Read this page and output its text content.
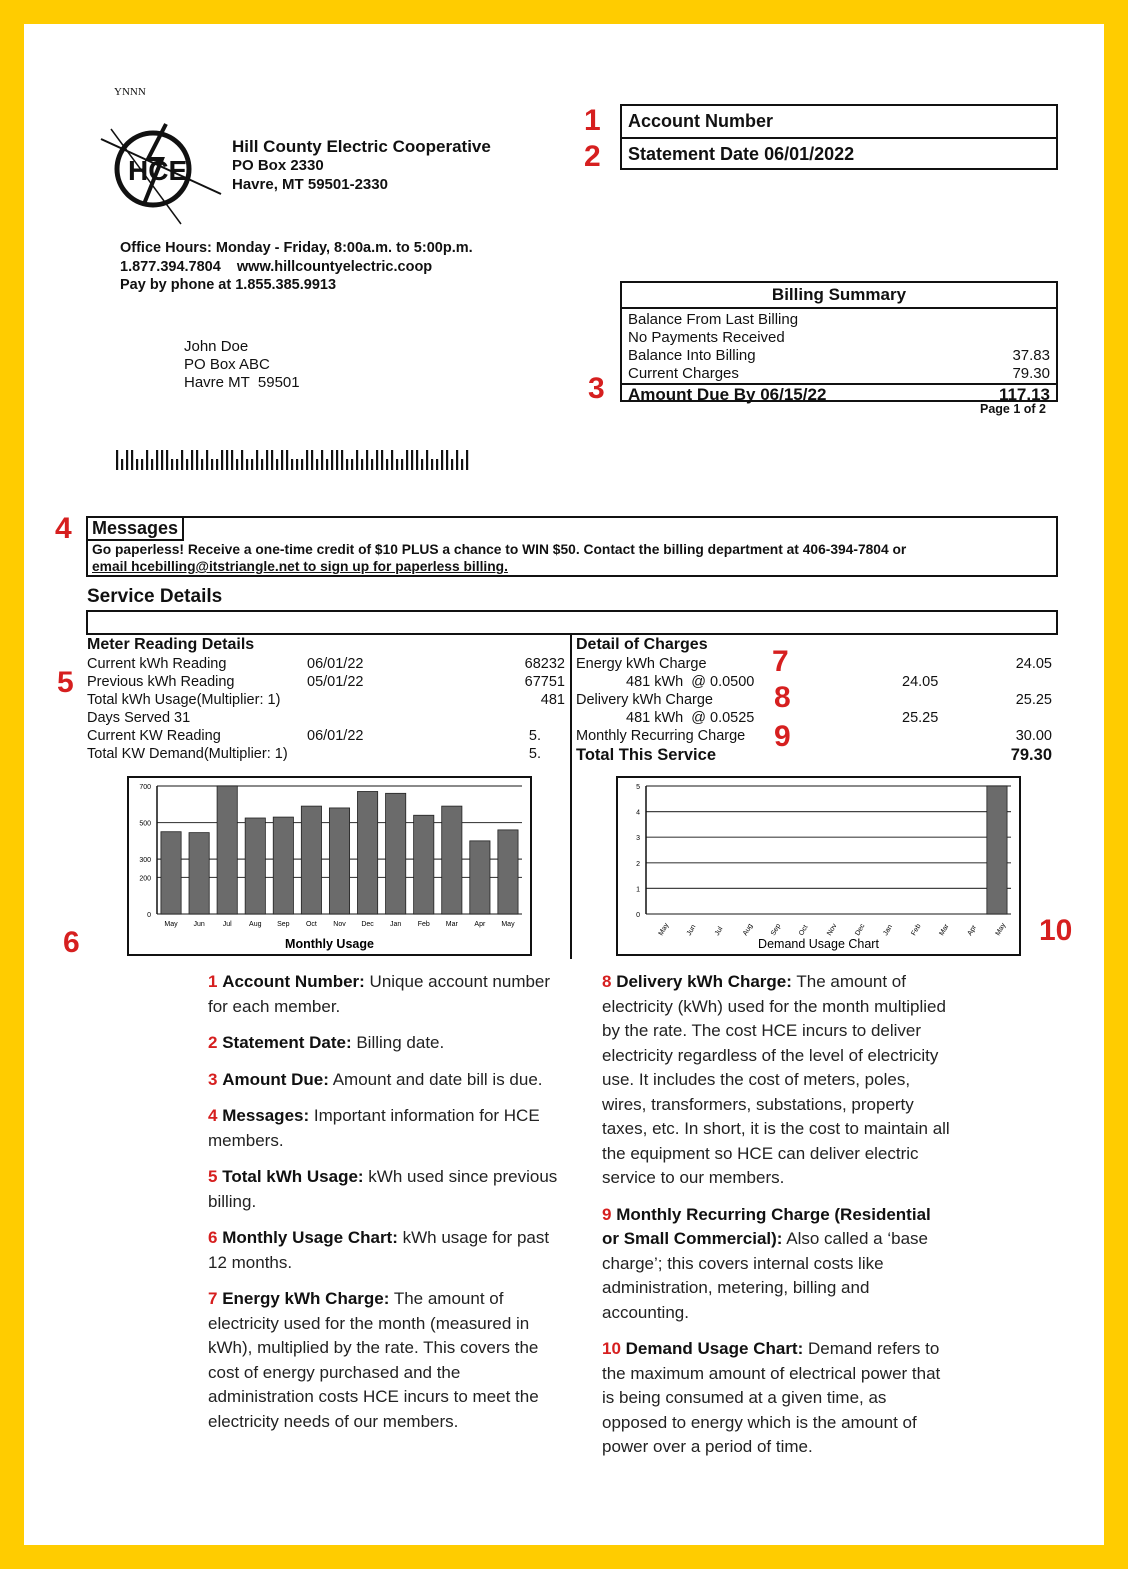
YNNN
HCE
Hill County Electric Cooperative
PO Box 2330
Havre, MT 59501-2330
Office Hours: Monday - Friday, 8:00a.m. to 5:00p.m.
1.877.394.7804    www.hillcountyelectric.coop
Pay by phone at 1.855.385.9913
1
2
Account Number
Statement Date 06/01/2022
John Doe
PO Box ABC
Havre MT  59501
Billing Summary
Balance From Last Billing
No Payments Received
Balance Into Billing	37.83
Current Charges	79.30
Amount Due By 06/15/22	117.13
3
Page 1 of 2
4	Messages
Go paperless! Receive a one-time credit of $10 PLUS a chance to WIN $50. Contact the billing department at 406-394-7804 or
email hcebilling@itstriangle.net to sign up for paperless billing.
Service Details
5
Meter Reading Details
Current kWh Reading	06/01/22	68232
Previous kWh Reading	05/01/22	67751
Total kWh Usage(Multiplier: 1)	481
Days Served 31
Current KW Reading	06/01/22	5.
Total KW Demand(Multiplier: 1)	5.
Detail of Charges
Energy kWh Charge	24.05
481 kWh  @ 0.0500	24.05
Delivery kWh Charge	25.25
481 kWh  @ 0.0525	25.25
Monthly Recurring Charge	30.00
Total This Service	79.30
7
8
9
0
200
300
500
700
May Jun	Jul Aug Sep Oct Nov Dec Jan Feb Mar Apr May
Monthly Usage
0
1
2
3
4
5
May Jun Jul	Aug Sep Oct Nov Dec Jan Feb Mar Apr May
Demand Usage Chart
6	10
1 Account Number: Unique account number for each member.
2 Statement Date: Billing date.
3 Amount Due: Amount and date bill is due.
4 Messages: Important information for HCE members.
5 Total kWh Usage: kWh used since previous billing.
6 Monthly Usage Chart: kWh usage for past 12 months.
7 Energy kWh Charge: The amount of electricity used for the month (measured in kWh), multiplied by the rate. This covers the cost of energy purchased and the administration costs HCE incurs to meet the electricity needs of our members.
8 Delivery kWh Charge: The amount of electricity (kWh) used for the month multiplied by the rate. The cost HCE incurs to deliver electricity regardless of the level of electricity use. It includes the cost of meters, poles, wires, transformers, substations, property taxes, etc. In short, it is the cost to maintain all the equipment so HCE can deliver electric service to our members.
9 Monthly Recurring Charge (Residential or Small Commercial): Also called a ‘base charge’; this covers internal costs like administration, metering, billing and accounting.
10 Demand Usage Chart: Demand refers to the maximum amount of electrical power that is being consumed at a given time, as opposed to energy which is the amount of power over a period of time.
